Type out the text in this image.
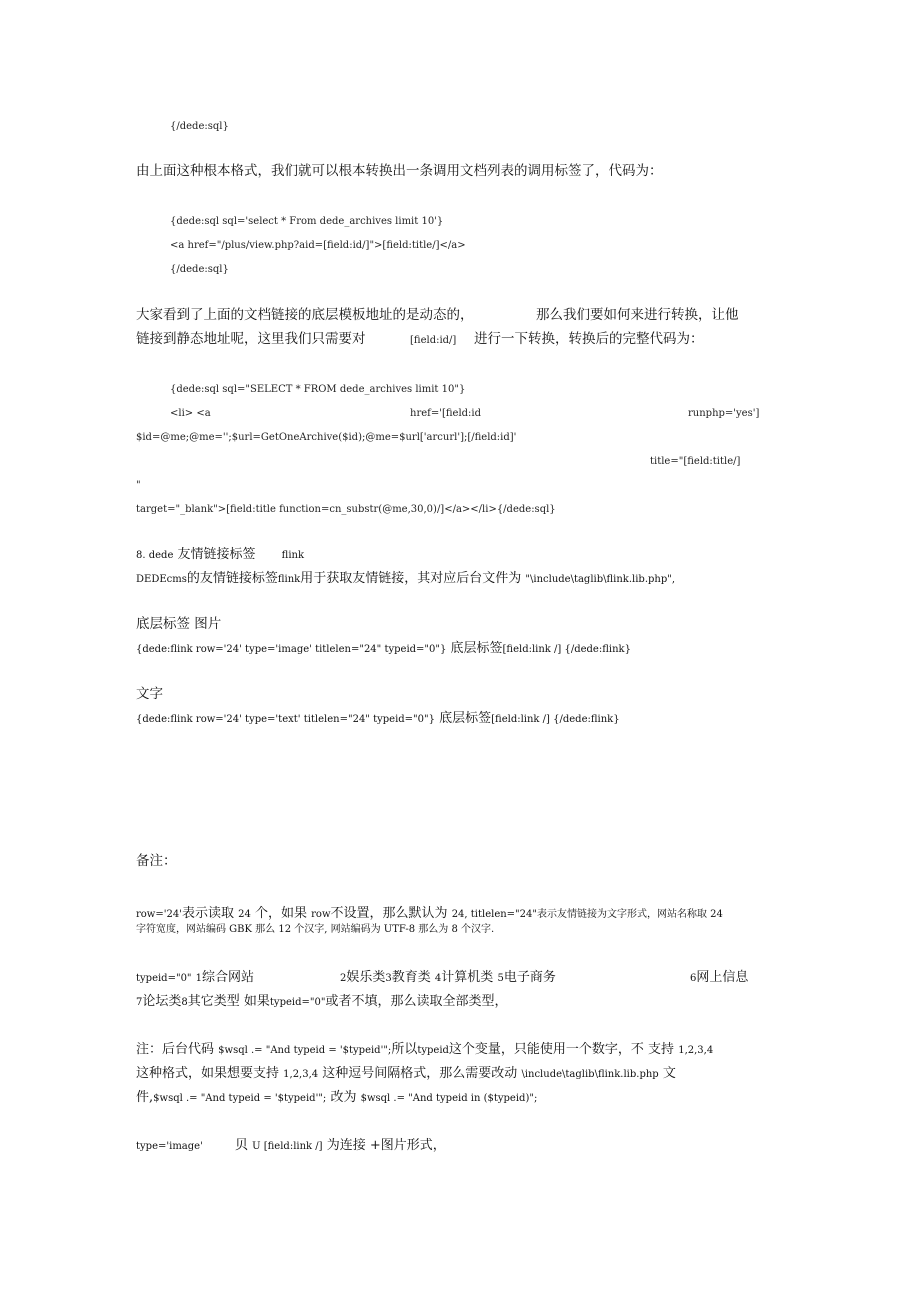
{/dede:sql}
由上面这种根本格式，我们就可以根本转换出一条调用文档列表的调用标签了，代码为：
{dede:sql sql='select * From dede_archives limit 10'}
<a href="/plus/view.php?aid=[field:id/]">[field:title/]</a>
{/dede:sql}
大家看到了上面的文档链接的底层模板地址的是动态的，	那么我们要如何来进行转换，让他
链接到静态地址呢，这里我们只需要对	[field:id/] 进行一下转换，转换后的完整代码为：
{dede:sql sql="SELECT * FROM dede_archives limit 10"}
<li> <a	href='[field:id	runphp='yes']
$id=@me;@me='';$url=GetOneArchive($id);@me=$url['arcurl'];[/field:id]'
title="[field:title/]
"
target="_blank">[field:title function=cn_substr(@me,30,0)/]</a></li>{/dede:sql}
8. dede 友情链接标签	flink
DEDEcms的友情链接标签flink用于获取友情链接，其对应后台文件为 "\include\taglib\flink.lib.php",
底层标签 图片
{dede:flink row='24' type='image' titlelen="24" typeid="0"} 底层标签[field:link /] {/dede:flink}
文字
{dede:flink row='24' type='text' titlelen="24" typeid="0"} 底层标签[field:link /] {/dede:flink}
备注：
row='24'表示读取 24 个，如果 row不设置，那么默认为 24, titlelen="24"表示友情链接为文字形式，网站名称取 24
字符宽度，网站编码 GBK 那么 12 个汉字, 网站编码为 UTF-8 那么为 8 个汉字.
typeid="0" 1综合网站	2娱乐类3教育类 4计算机类 5电子商务	6网上信息
7论坛类8其它类型 如果typeid="0"或者不填，那么读取全部类型，
注：后台代码 $wsql .= "And typeid = '$typeid'";所以typeid这个变量，只能使用一个数字，不 支持 1,2,3,4
这种格式，如果想要支持 1,2,3,4 这种逗号间隔格式，那么需要改动 \include\taglib\flink.lib.php 文
件,$wsql .= "And typeid = '$typeid'"; 改为 $wsql .= "And typeid in ($typeid)";
type='image' 贝 U [field:link /] 为连接 +图片形式，
